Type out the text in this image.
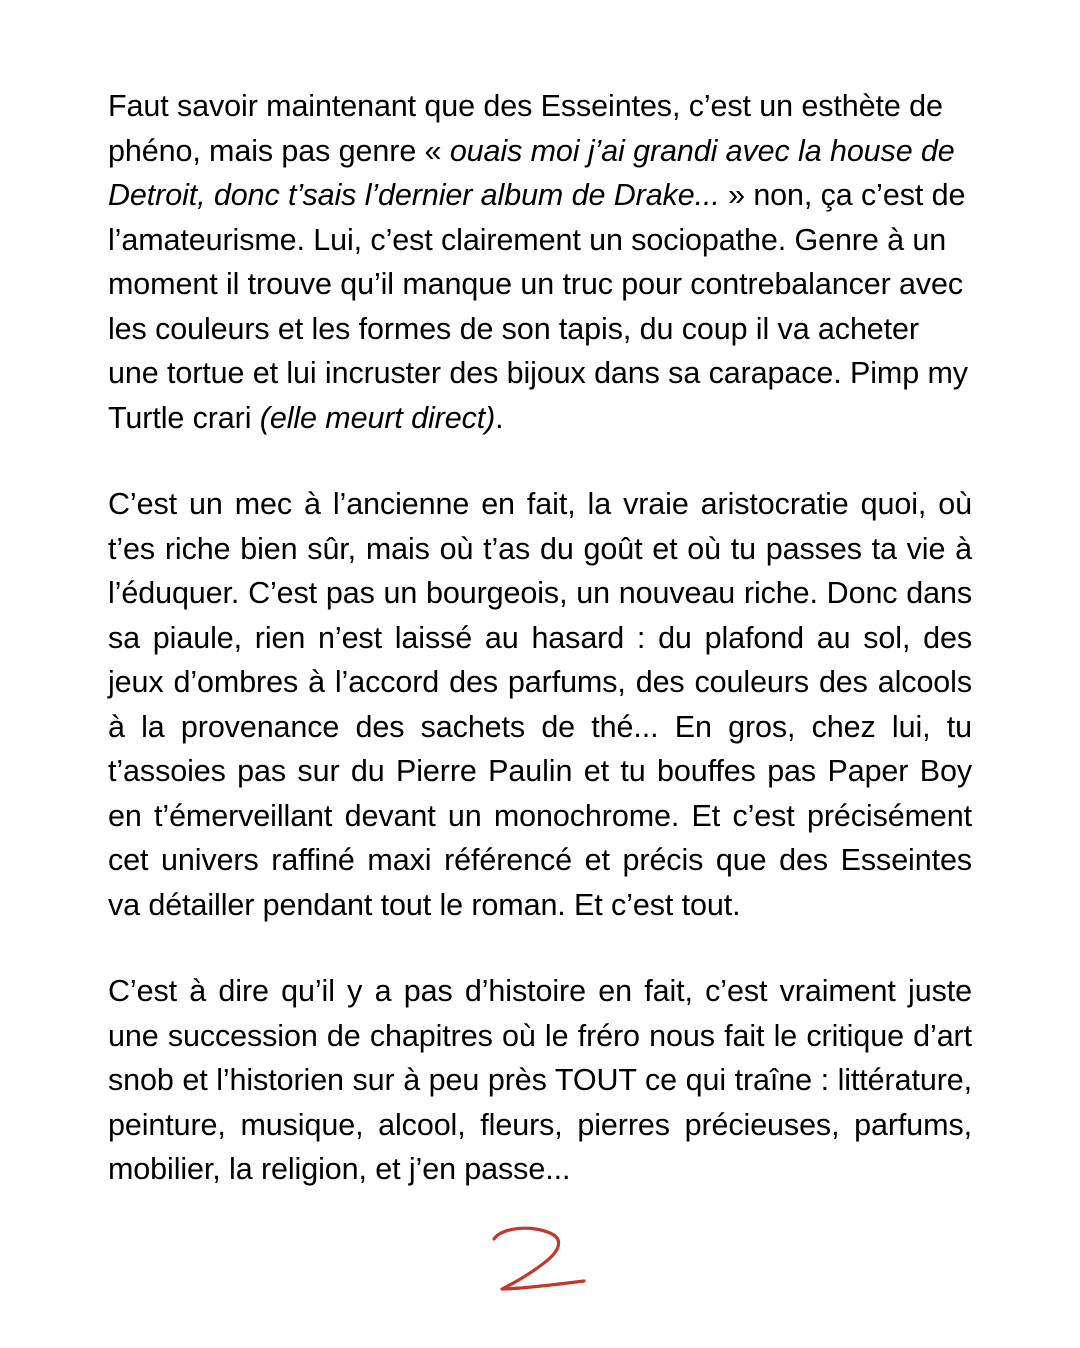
Faut savoir maintenant que des Esseintes, c’est un esthète de phéno, mais pas genre « ouais moi j’ai grandi avec la house de Detroit, donc t’sais l’dernier album de Drake... » non, ça c’est de l’amateurisme. Lui, c’est clairement un sociopathe. Genre à un moment il trouve qu’il manque un truc pour contrebalancer avec les couleurs et les formes de son tapis, du coup il va acheter une tortue et lui incruster des bijoux dans sa carapace. Pimp my Turtle crari (elle meurt direct).

C’est un mec à l’ancienne en fait, la vraie aristocratie quoi, où t’es riche bien sûr, mais où t’as du goût et où tu passes ta vie à l’éduquer. C’est pas un bourgeois, un nouveau riche. Donc dans sa piaule, rien n’est laissé au hasard : du plafond au sol, des jeux d’ombres à l’accord des parfums, des couleurs des alcools à la provenance des sachets de thé... En gros, chez lui, tu t’assoies pas sur du Pierre Paulin et tu bouffes pas Paper Boy en t’émerveillant devant un monochrome. Et c’est précisément cet univers raffiné maxi référencé et précis que des Esseintes va détailler pendant tout le roman. Et c’est tout.

C’est à dire qu’il y a pas d’histoire en fait, c’est vraiment juste une succession de chapitres où le fréro nous fait le critique d’art snob et l’historien sur à peu près TOUT ce qui traîne : littérature, peinture, musique, alcool, fleurs, pierres précieuses, parfums, mobilier, la religion, et j’en passe...
